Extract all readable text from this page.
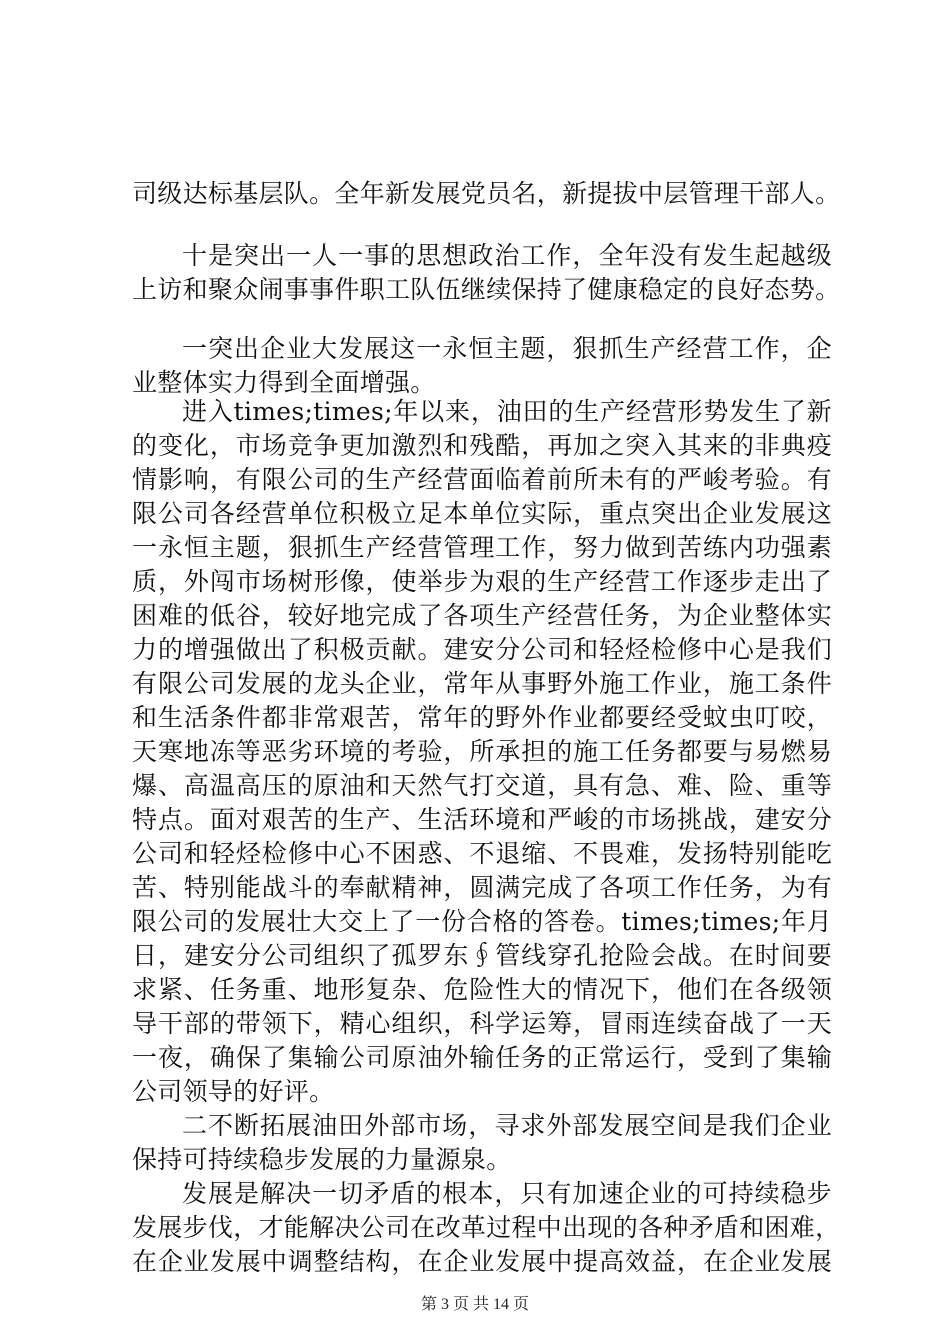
司级达标基层队。全年新发展党员名，新提拔中层管理干部人。
十是突出一人一事的思想政治工作，全年没有发生起越级
上访和聚众闹事事件职工队伍继续保持了健康稳定的良好态势。
一突出企业大发展这一永恒主题，狠抓生产经营工作，企
业整体实力得到全面增强。
进入times;times;年以来，油田的生产经营形势发生了新
的变化，市场竞争更加激烈和残酷，再加之突入其来的非典疫
情影响，有限公司的生产经营面临着前所未有的严峻考验。有
限公司各经营单位积极立足本单位实际，重点突出企业发展这
一永恒主题，狠抓生产经营管理工作，努力做到苦练内功强素
质，外闯市场树形像，使举步为艰的生产经营工作逐步走出了
困难的低谷，较好地完成了各项生产经营任务，为企业整体实
力的增强做出了积极贡献。建安分公司和轻烃检修中心是我们
有限公司发展的龙头企业，常年从事野外施工作业，施工条件
和生活条件都非常艰苦，常年的野外作业都要经受蚊虫叮咬，
天寒地冻等恶劣环境的考验，所承担的施工任务都要与易燃易
爆、高温高压的原油和天然气打交道，具有急、难、险、重等
特点。面对艰苦的生产、生活环境和严峻的市场挑战，建安分
公司和轻烃检修中心不困惑、不退缩、不畏难，发扬特别能吃
苦、特别能战斗的奉献精神，圆满完成了各项工作任务，为有
限公司的发展壮大交上了一份合格的答卷。times;times;年月
日，建安分公司组织了孤罗东∮管线穿孔抢险会战。在时间要
求紧、任务重、地形复杂、危险性大的情况下，他们在各级领
导干部的带领下，精心组织，科学运筹，冒雨连续奋战了一天
一夜，确保了集输公司原油外输任务的正常运行，受到了集输
公司领导的好评。
二不断拓展油田外部市场，寻求外部发展空间是我们企业
保持可持续稳步发展的力量源泉。
发展是解决一切矛盾的根本，只有加速企业的可持续稳步
发展步伐，才能解决公司在改革过程中出现的各种矛盾和困难，
在企业发展中调整结构，在企业发展中提高效益，在企业发展
第 3 页 共 14 页
